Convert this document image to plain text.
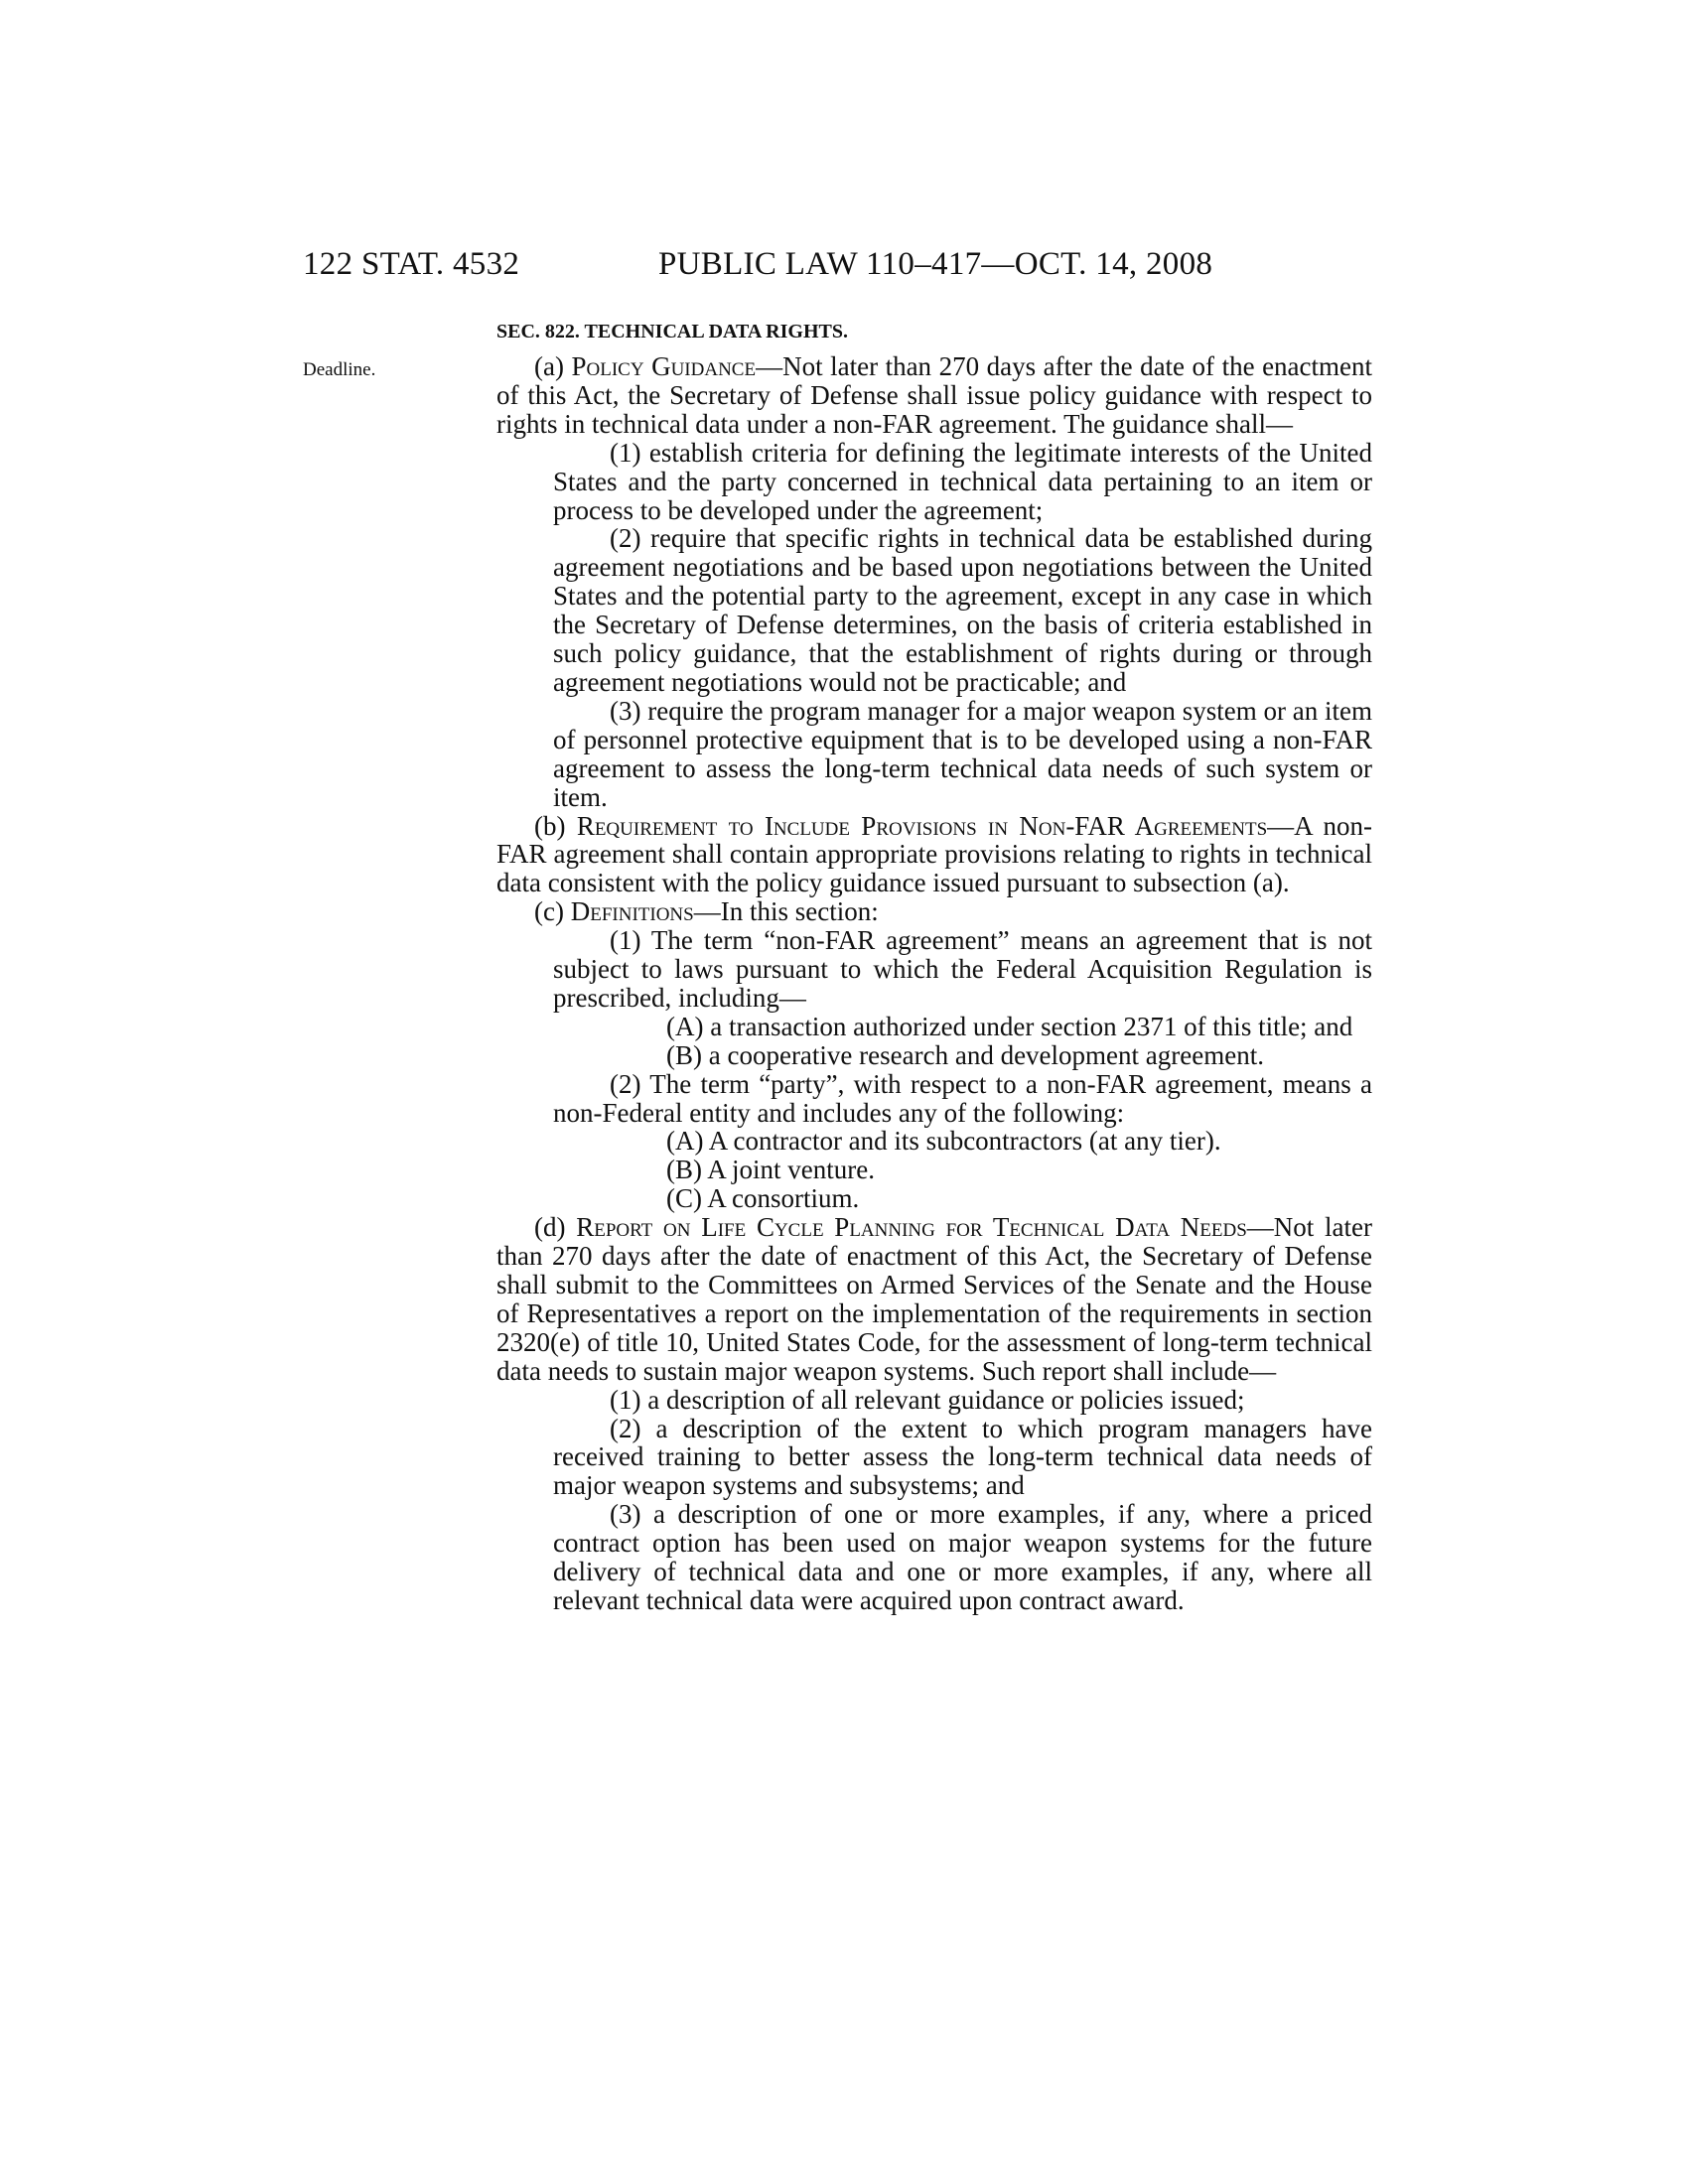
122 STAT. 4532	PUBLIC LAW 110–417—OCT. 14, 2008
SEC. 822. TECHNICAL DATA RIGHTS.
Deadline.	(a) Policy Guidance—Not later than 270 days after the date of the enactment of this Act, the Secretary of Defense shall issue policy guidance with respect to rights in technical data under a non-FAR agreement. The guidance shall—

(1) establish criteria for defining the legitimate interests of the United States and the party concerned in technical data pertaining to an item or process to be developed under the agreement;

(2) require that specific rights in technical data be established during agreement negotiations and be based upon negotiations between the United States and the potential party to the agreement, except in any case in which the Secretary of Defense determines, on the basis of criteria established in such policy guidance, that the establishment of rights during or through agreement negotiations would not be practicable; and

(3) require the program manager for a major weapon system or an item of personnel protective equipment that is to be developed using a non-FAR agreement to assess the long-term technical data needs of such system or item.

(b) Requirement to Include Provisions in Non-FAR Agreements—A non-FAR agreement shall contain appropriate provisions relating to rights in technical data consistent with the policy guidance issued pursuant to subsection (a).

(c) Definitions—In this section:

(1) The term “non-FAR agreement” means an agreement that is not subject to laws pursuant to which the Federal Acquisition Regulation is prescribed, including—

(A) a transaction authorized under section 2371 of this title; and

(B) a cooperative research and development agreement.

(2) The term “party”, with respect to a non-FAR agreement, means a non-Federal entity and includes any of the following:

(A) A contractor and its subcontractors (at any tier).

(B) A joint venture.

(C) A consortium.

(d) Report on Life Cycle Planning for Technical Data Needs—Not later than 270 days after the date of enactment of this Act, the Secretary of Defense shall submit to the Committees on Armed Services of the Senate and the House of Representatives a report on the implementation of the requirements in section 2320(e) of title 10, United States Code, for the assessment of long-term technical data needs to sustain major weapon systems. Such report shall include—

(1) a description of all relevant guidance or policies issued;

(2) a description of the extent to which program managers have received training to better assess the long-term technical data needs of major weapon systems and subsystems; and

(3) a description of one or more examples, if any, where a priced contract option has been used on major weapon systems for the future delivery of technical data and one or more examples, if any, where all relevant technical data were acquired upon contract award.
